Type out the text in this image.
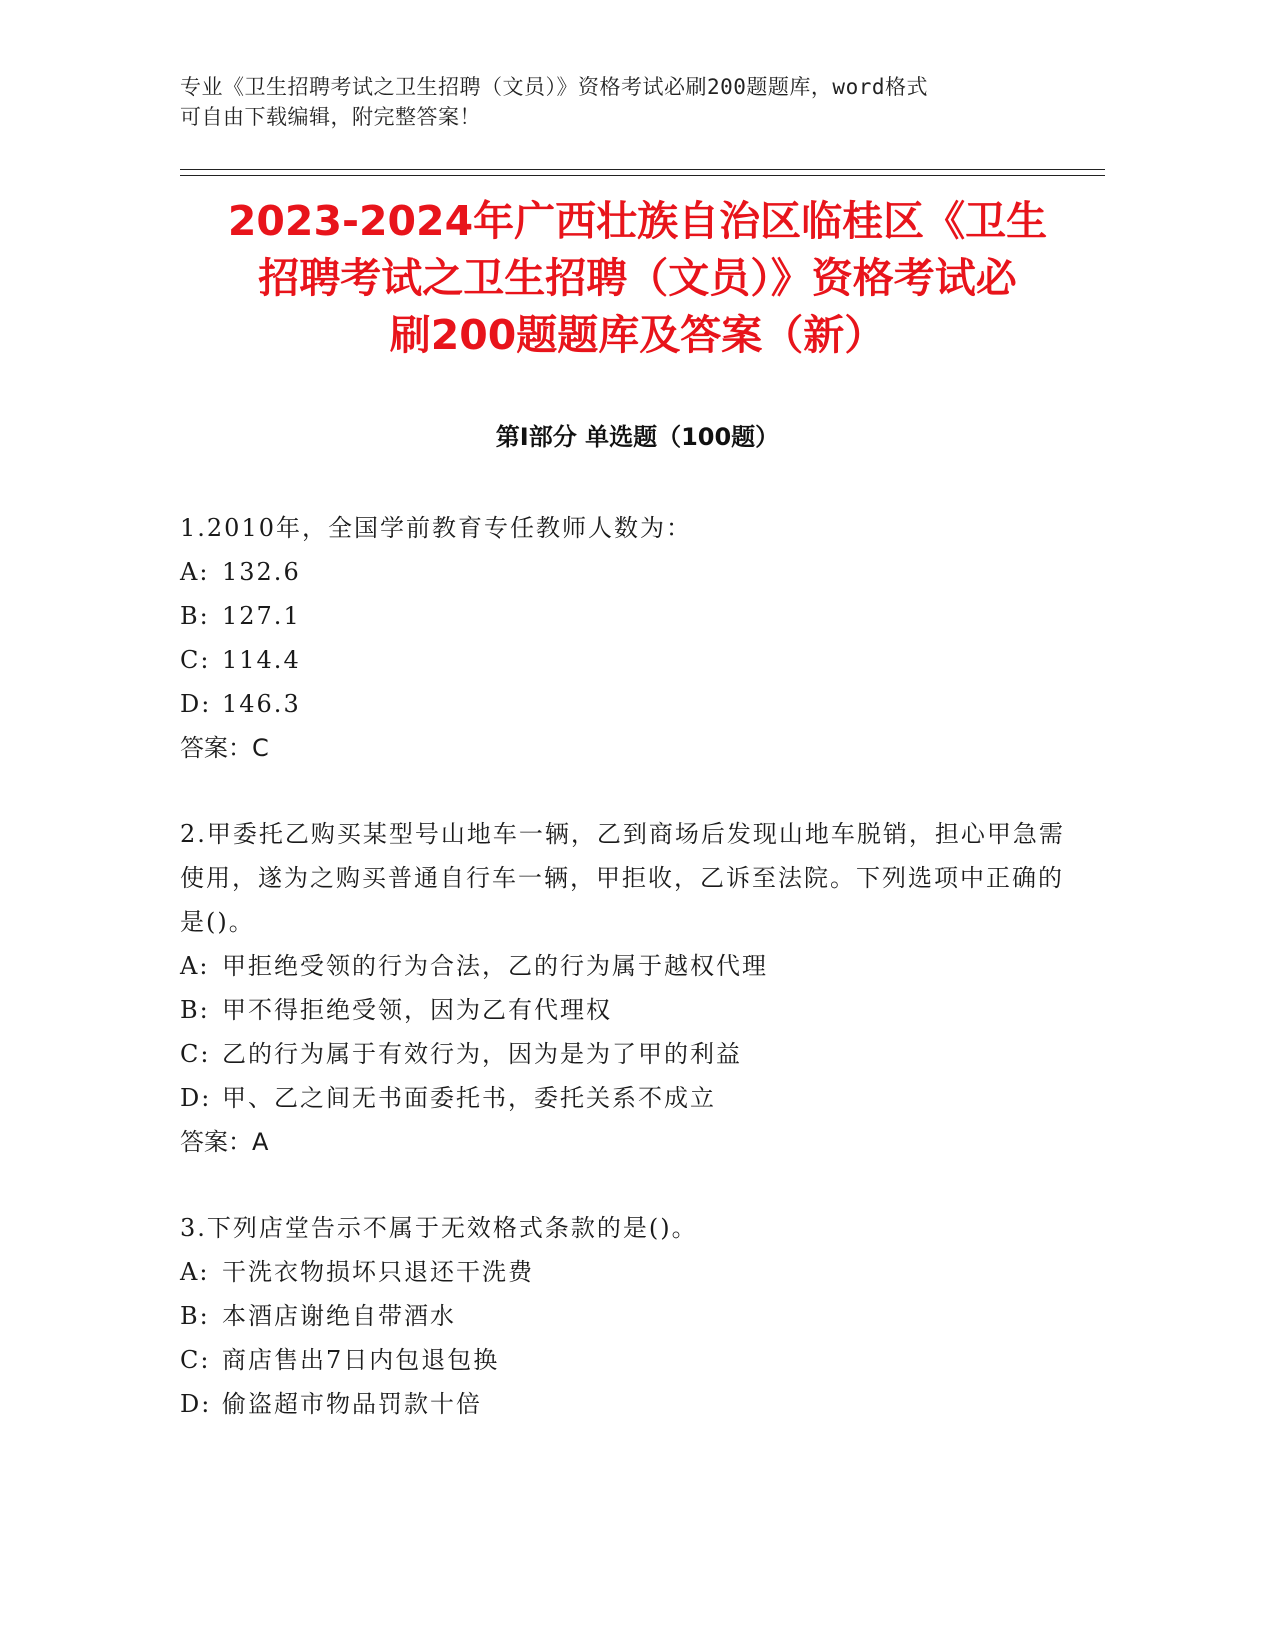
专业《卫生招聘考试之卫生招聘（文员）》资格考试必刷200题题库，word格式

可自由下载编辑，附完整答案！

2023-2024年广西壮族自治区临桂区《卫生
招聘考试之卫生招聘（文员）》资格考试必
刷200题题库及答案（新）
第Ⅰ部分 单选题（100题）

1.2010年，全国学前教育专任教师人数为：

A: 132.6

B: 127.1

C: 114.4

D: 146.3

答案：C

2.甲委托乙购买某型号山地车一辆，乙到商场后发现山地车脱销，担心甲急需使用，遂为之购买普通自行车一辆，甲拒收，乙诉至法院。下列选项中正确的是()。

A: 甲拒绝受领的行为合法，乙的行为属于越权代理

B: 甲不得拒绝受领，因为乙有代理权

C: 乙的行为属于有效行为，因为是为了甲的利益

D: 甲、乙之间无书面委托书，委托关系不成立

答案：A

3.下列店堂告示不属于无效格式条款的是()。

A: 干洗衣物损坏只退还干洗费

B: 本酒店谢绝自带酒水

C: 商店售出7日内包退包换

D: 偷盗超市物品罚款十倍
